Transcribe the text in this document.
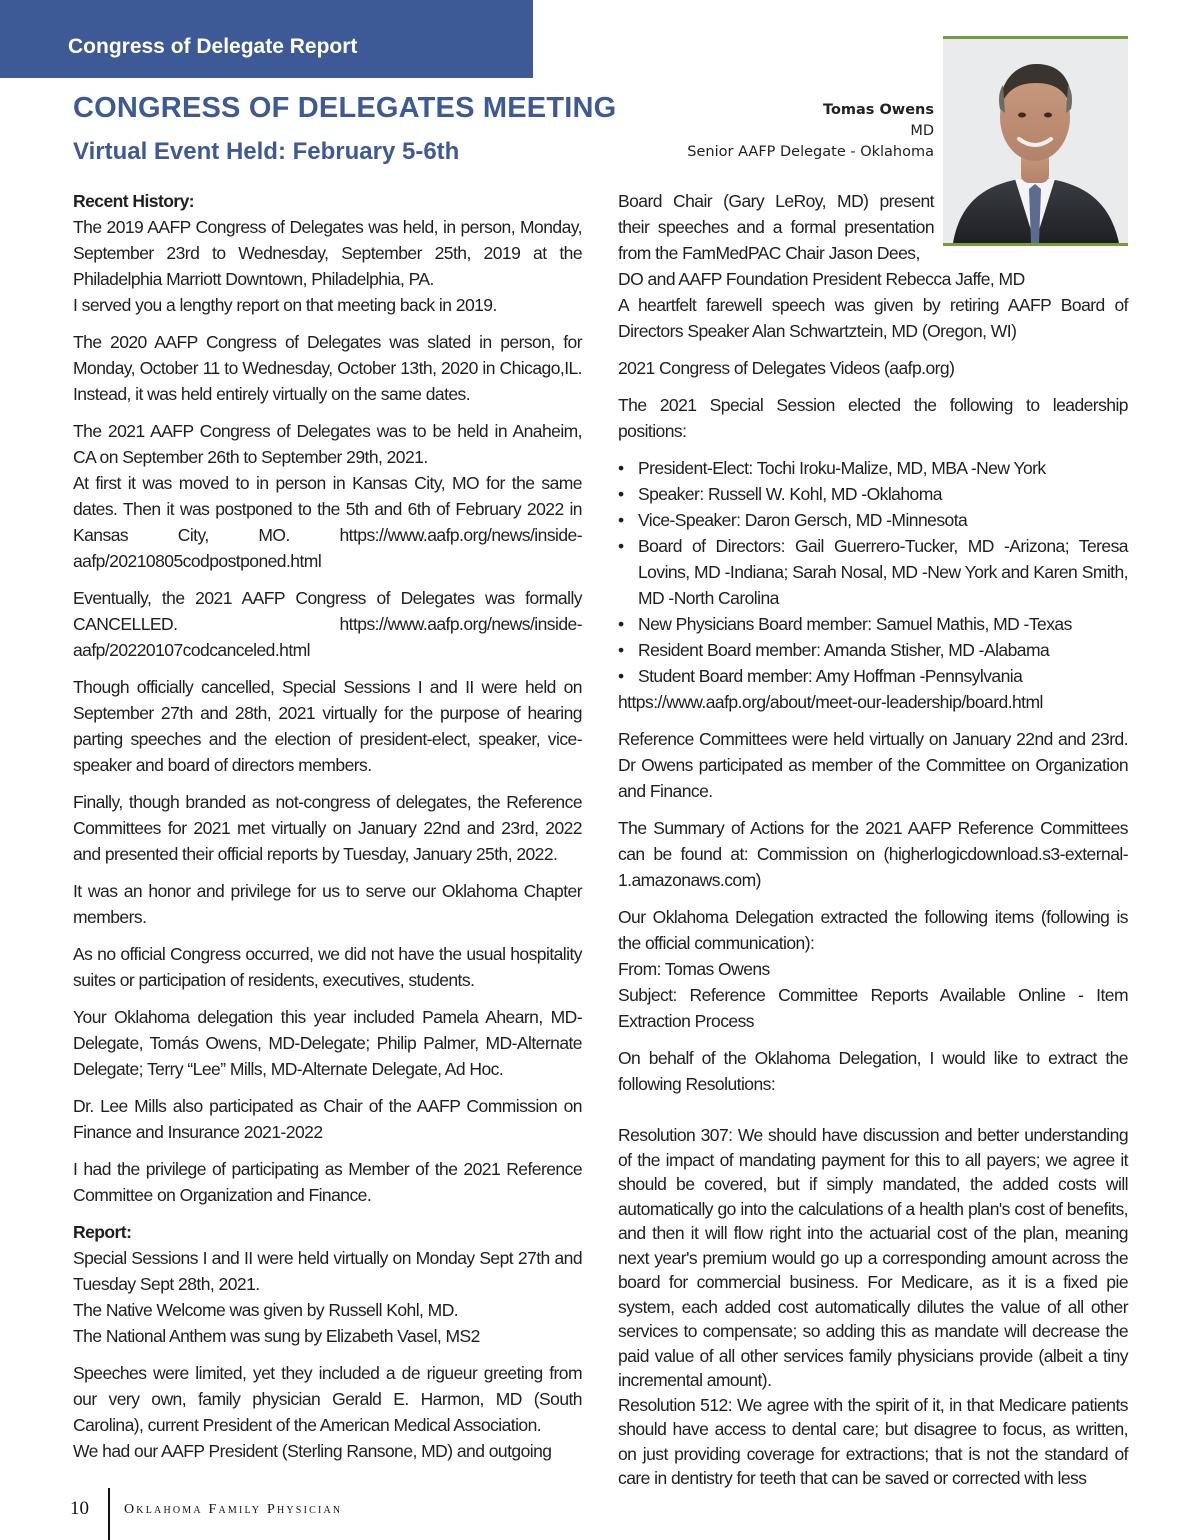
Congress of Delegate Report
CONGRESS OF DELEGATES MEETING
Virtual Event Held: February 5-6th
Tomas Owens
MD
Senior AAFP Delegate - Oklahoma

Recent History:
The 2019 AAFP Congress of Delegates was held, in person, Monday, September 23rd to Wednesday, September 25th, 2019 at the Philadelphia Marriott Downtown, Philadelphia, PA.
I served you a lengthy report on that meeting back in 2019.

The 2020 AAFP Congress of Delegates was slated in person, for Monday, October 11 to Wednesday, October 13th, 2020 in Chicago,IL. Instead, it was held entirely virtually on the same dates.

The 2021 AAFP Congress of Delegates was to be held in Anaheim, CA on September 26th to September 29th, 2021.
At first it was moved to in person in Kansas City, MO for the same dates. Then it was postponed to the 5th and 6th of February 2022 in Kansas City, MO. https://www.aafp.org/news/inside-aafp/20210805codpostponed.html

Eventually, the 2021 AAFP Congress of Delegates was formally CANCELLED. https://www.aafp.org/news/inside-aafp/20220107codcanceled.html

Though officially cancelled, Special Sessions I and II were held on September 27th and 28th, 2021 virtually for the purpose of hearing parting speeches and the election of president-elect, speaker, vice-speaker and board of directors members.

Finally, though branded as not-congress of delegates, the Reference Committees for 2021 met virtually on January 22nd and 23rd, 2022 and presented their official reports by Tuesday, January 25th, 2022.

It was an honor and privilege for us to serve our Oklahoma Chapter members.

As no official Congress occurred, we did not have the usual hospitality suites or participation of residents, executives, students.

Your Oklahoma delegation this year included Pamela Ahearn, MD-Delegate, Tomás Owens, MD-Delegate; Philip Palmer, MD-Alternate Delegate; Terry “Lee” Mills, MD-Alternate Delegate, Ad Hoc.

Dr. Lee Mills also participated as Chair of the AAFP Commission on Finance and Insurance 2021-2022

I had the privilege of participating as Member of the 2021 Reference Committee on Organization and Finance.

Report:
Special Sessions I and II were held virtually on Monday Sept 27th and Tuesday Sept 28th, 2021.
The Native Welcome was given by Russell Kohl, MD.
The National Anthem was sung by Elizabeth Vasel, MS2

Speeches were limited, yet they included a de rigueur greeting from our very own, family physician Gerald E. Harmon, MD (South Carolina), current President of the American Medical Association.
We had our AAFP President (Sterling Ransone, MD) and outgoing

Board Chair (Gary LeRoy, MD) present their speeches and a formal presentation from the FamMedPAC Chair Jason Dees,
DO and AAFP Foundation President Rebecca Jaffe, MD

A heartfelt farewell speech was given by retiring AAFP Board of Directors Speaker Alan Schwartztein, MD (Oregon, WI)

2021 Congress of Delegates Videos (aafp.org)

The 2021 Special Session elected the following to leadership positions:

• President-Elect: Tochi Iroku-Malize, MD, MBA -New York
• Speaker: Russell W. Kohl, MD -Oklahoma
• Vice-Speaker: Daron Gersch, MD -Minnesota
• Board of Directors: Gail Guerrero-Tucker, MD -Arizona; Teresa Lovins, MD -Indiana; Sarah Nosal, MD -New York and Karen Smith, MD -North Carolina
• New Physicians Board member: Samuel Mathis, MD -Texas
• Resident Board member: Amanda Stisher, MD -Alabama
• Student Board member: Amy Hoffman -Pennsylvania

https://www.aafp.org/about/meet-our-leadership/board.html

Reference Committees were held virtually on January 22nd and 23rd. Dr Owens participated as member of the Committee on Organization and Finance.

The Summary of Actions for the 2021 AAFP Reference Committees can be found at: Commission on (higherlogicdownload.s3-external-1.amazonaws.com)

Our Oklahoma Delegation extracted the following items (following is the official communication):
From: Tomas Owens
Subject: Reference Committee Reports Available Online - Item Extraction Process

On behalf of the Oklahoma Delegation, I would like to extract the following Resolutions:

Resolution 307: We should have discussion and better understanding of the impact of mandating payment for this to all payers; we agree it should be covered, but if simply mandated, the added costs will automatically go into the calculations of a health plan's cost of benefits, and then it will flow right into the actuarial cost of the plan, meaning next year's premium would go up a corresponding amount across the board for commercial business. For Medicare, as it is a fixed pie system, each added cost automatically dilutes the value of all other services to compensate; so adding this as mandate will decrease the paid value of all other services family physicians provide (albeit a tiny incremental amount).
Resolution 512: We agree with the spirit of it, in that Medicare patients should have access to dental care; but disagree to focus, as written, on just providing coverage for extractions; that is not the standard of care in dentistry for teeth that can be saved or corrected with less
10	Oklahoma Family Physician
